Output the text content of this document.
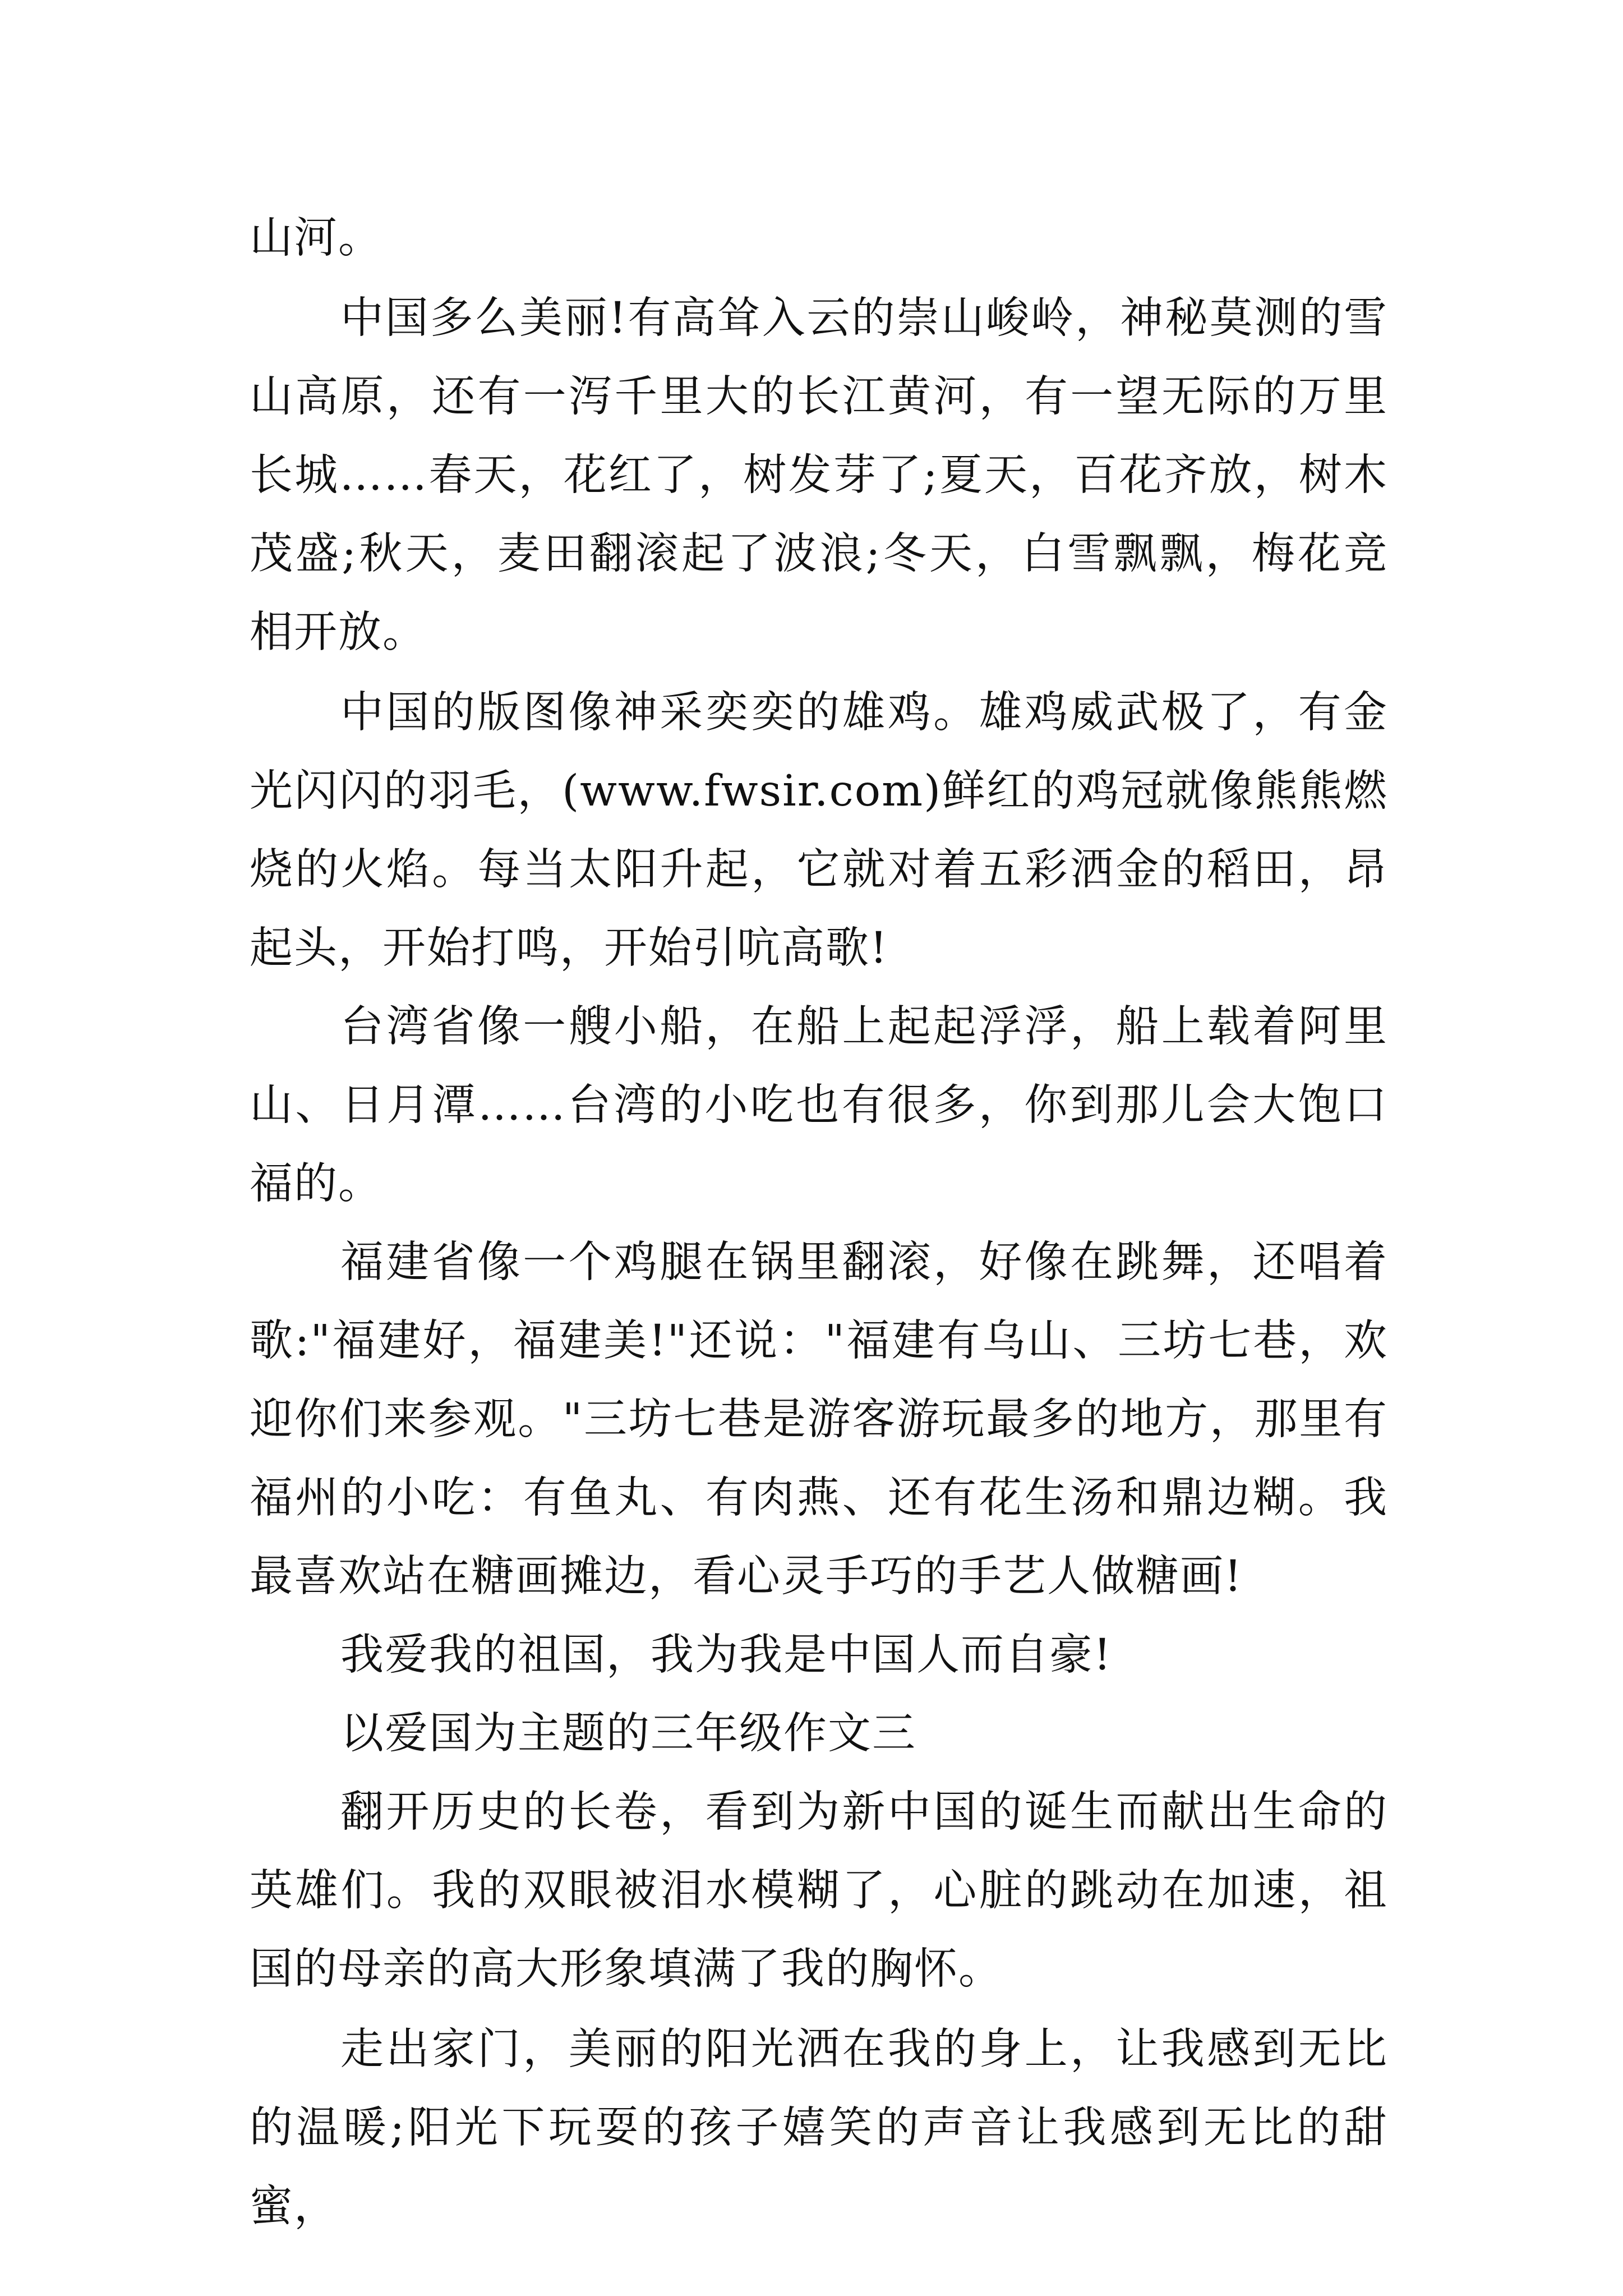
山河。

中国多么美丽!有高耸入云的崇山峻岭，神秘莫测的雪山高原，还有一泻千里大的长江黄河，有一望无际的万里长城……春天，花红了，树发芽了;夏天，百花齐放，树木茂盛;秋天，麦田翻滚起了波浪;冬天，白雪飘飘，梅花竞相开放。

中国的版图像神采奕奕的雄鸡。雄鸡威武极了，有金光闪闪的羽毛，(www.fwsir.com)鲜红的鸡冠就像熊熊燃烧的火焰。每当太阳升起，它就对着五彩洒金的稻田，昂起头，开始打鸣，开始引吭高歌!

台湾省像一艘小船，在船上起起浮浮，船上载着阿里山、日月潭……台湾的小吃也有很多，你到那儿会大饱口福的。

福建省像一个鸡腿在锅里翻滚，好像在跳舞，还唱着歌:"福建好，福建美!"还说："福建有乌山、三坊七巷，欢迎你们来参观。"三坊七巷是游客游玩最多的地方，那里有福州的小吃：有鱼丸、有肉燕、还有花生汤和鼎边糊。我最喜欢站在糖画摊边，看心灵手巧的手艺人做糖画!

我爱我的祖国，我为我是中国人而自豪!

以爱国为主题的三年级作文三

翻开历史的长卷，看到为新中国的诞生而献出生命的英雄们。我的双眼被泪水模糊了，心脏的跳动在加速，祖国的母亲的高大形象填满了我的胸怀。

走出家门，美丽的阳光洒在我的身上，让我感到无比的温暖;阳光下玩耍的孩子嬉笑的声音让我感到无比的甜蜜，
